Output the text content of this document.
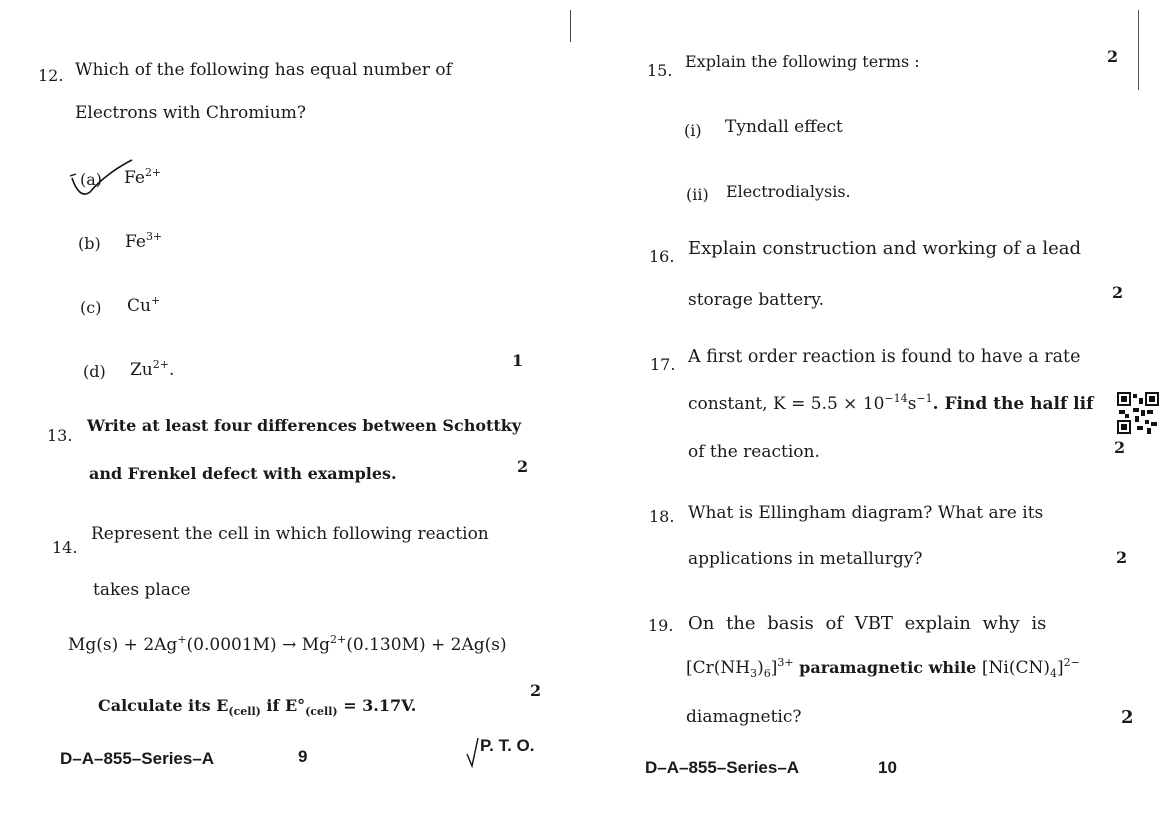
12. Which of the following has equal number of
Electrons with Chromium?
(a) $Fe^{2+}$
(b) $Fe^{3+}$
(c) Cu+
(d) $Zu^{2+}$.	1
13.
Write at least four differences between Schottky
and Frenkel defect with examples.	2
14.
Represent the cell in which following reaction
takes place
$Mg(s) + 2Ag^+(0.0001M) \to Mg^{2+}(0.130M) + 2Ag(s)$
Calculate its $E_{(cell)}$ if $E^\circ_{(cell)} = 3.17V$.
2
D–A–855–Series–A	9
P. T. O.
15. Explain the following terms :	2
(i) Tyndall effect
(ii) Electrodialysis.
16. Explain construction and working of a lead
storage battery.	2
17. A first order reaction is found to have a rate
constant, $K = 5.5 \times 10^{-14}s^{-1}$. Find the half lif
of the reaction.	2
18. What is Ellingham diagram? What are its
applications in metallurgy?	2
19. On the basis of VBT explain why is
$[Cr(NH_3)_6]^{3+}$ paramagnetic while $[Ni(CN)_4]^{2-}$
diamagnetic?	2
D–A–855–Series–A	10
